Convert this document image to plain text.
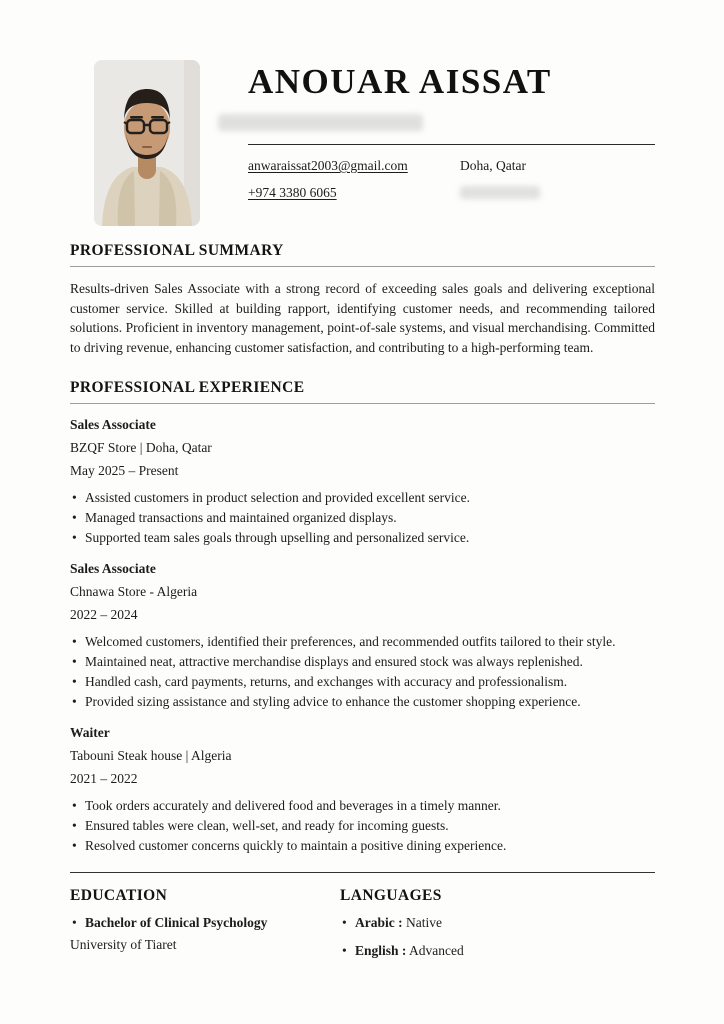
ANOUAR AISSAT
anwaraissat2003@gmail.com	Doha, Qatar
+974 3380 6065
PROFESSIONAL SUMMARY

Results-driven Sales Associate with a strong record of exceeding sales goals and delivering exceptional customer service. Skilled at building rapport, identifying customer needs, and recommending tailored solutions. Proficient in inventory management, point-of-sale systems, and visual merchandising. Committed to driving revenue, enhancing customer satisfaction, and contributing to a high-performing team.

PROFESSIONAL EXPERIENCE
Sales Associate
BZQF Store | Doha, Qatar
May 2025 – Present
• Assisted customers in product selection and provided excellent service.
• Managed transactions and maintained organized displays.
• Supported team sales goals through upselling and personalized service.
Sales Associate
Chnawa Store - Algeria
2022 – 2024
• Welcomed customers, identified their preferences, and recommended outfits tailored to their style.
• Maintained neat, attractive merchandise displays and ensured stock was always replenished.
• Handled cash, card payments, returns, and exchanges with accuracy and professionalism.
• Provided sizing assistance and styling advice to enhance the customer shopping experience.
Waiter
Tabouni Steak house | Algeria
2021 – 2022
• Took orders accurately and delivered food and beverages in a timely manner.
• Ensured tables were clean, well-set, and ready for incoming guests.
• Resolved customer concerns quickly to maintain a positive dining experience.
EDUCATION
• Bachelor of Clinical Psychology
University of Tiaret
LANGUAGES
• Arabic : Native
• English : Advanced
